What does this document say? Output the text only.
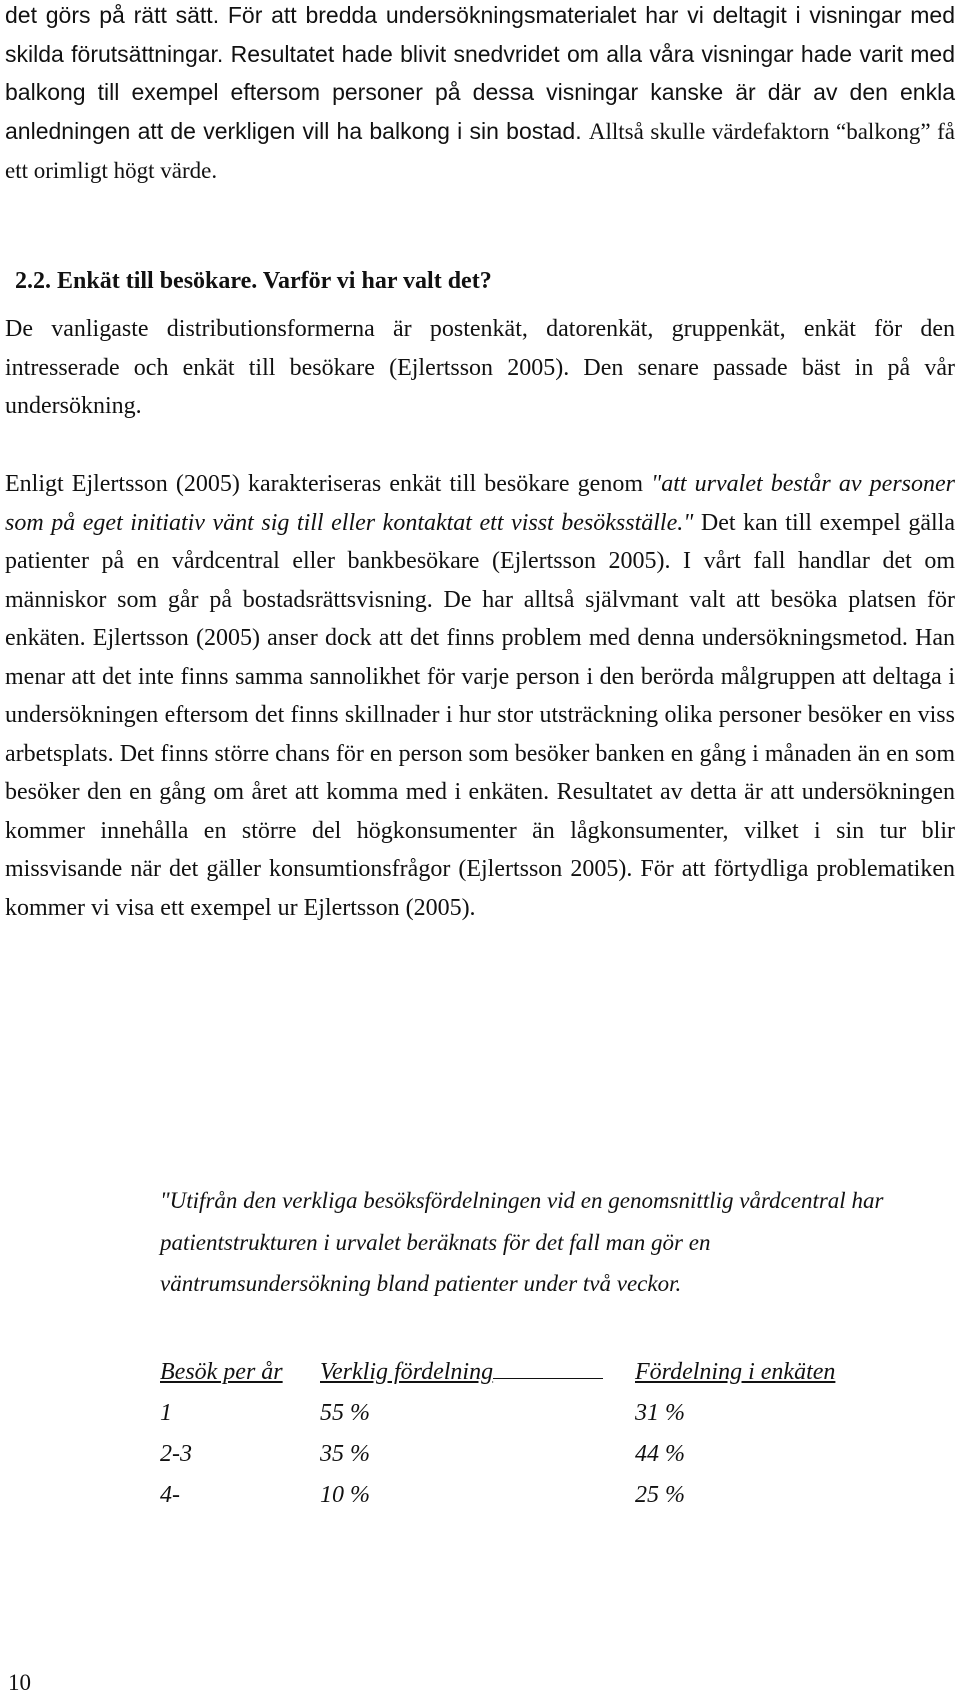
det görs på rätt sätt. För att bredda undersökningsmaterialet har vi deltagit i visningar med skilda förutsättningar. Resultatet hade blivit snedvridet om alla våra visningar hade varit med balkong till exempel eftersom personer på dessa visningar kanske är där av den enkla anledningen att de verkligen vill ha balkong i sin bostad. Alltså skulle värdefaktorn “balkong” få ett orimligt högt värde.
2.2. Enkät till besökare. Varför vi har valt det?
De vanligaste distributionsformerna är postenkät, datorenkät, gruppenkät, enkät för den intresserade och enkät till besökare (Ejlertsson 2005). Den senare passade bäst in på vår undersökning.
Enligt Ejlertsson (2005) karakteriseras enkät till besökare genom "att urvalet består av personer som på eget initiativ vänt sig till eller kontaktat ett visst besöksställe." Det kan till exempel gälla patienter på en vårdcentral eller bankbesökare (Ejlertsson 2005). I vårt fall handlar det om människor som går på bostadsrättsvisning. De har alltså självmant valt att besöka platsen för enkäten. Ejlertsson (2005) anser dock att det finns problem med denna undersökningsmetod. Han menar att det inte finns samma sannolikhet för varje person i den berörda målgruppen att deltaga i undersökningen eftersom det finns skillnader i hur stor utsträckning olika personer besöker en viss arbetsplats. Det finns större chans för en person som besöker banken en gång i månaden än en som besöker den en gång om året att komma med i enkäten. Resultatet av detta är att undersökningen kommer innehålla en större del högkonsumenter än lågkonsumenter, vilket i sin tur blir missvisande när det gäller konsumtionsfrågor (Ejlertsson 2005). För att förtydliga problematiken kommer vi visa ett exempel ur Ejlertsson (2005).
"Utifrån den verkliga besöksfördelningen vid en genomsnittlig vårdcentral har patientstrukturen i urvalet beräknats för det fall man gör en väntrumsundersökning bland patienter under två veckor.
Besök per år	Verklig fördelning	Fördelning i enkäten
1	55 %	31 %
2-3	35 %	44 %
4-	10 %	25 %
10
